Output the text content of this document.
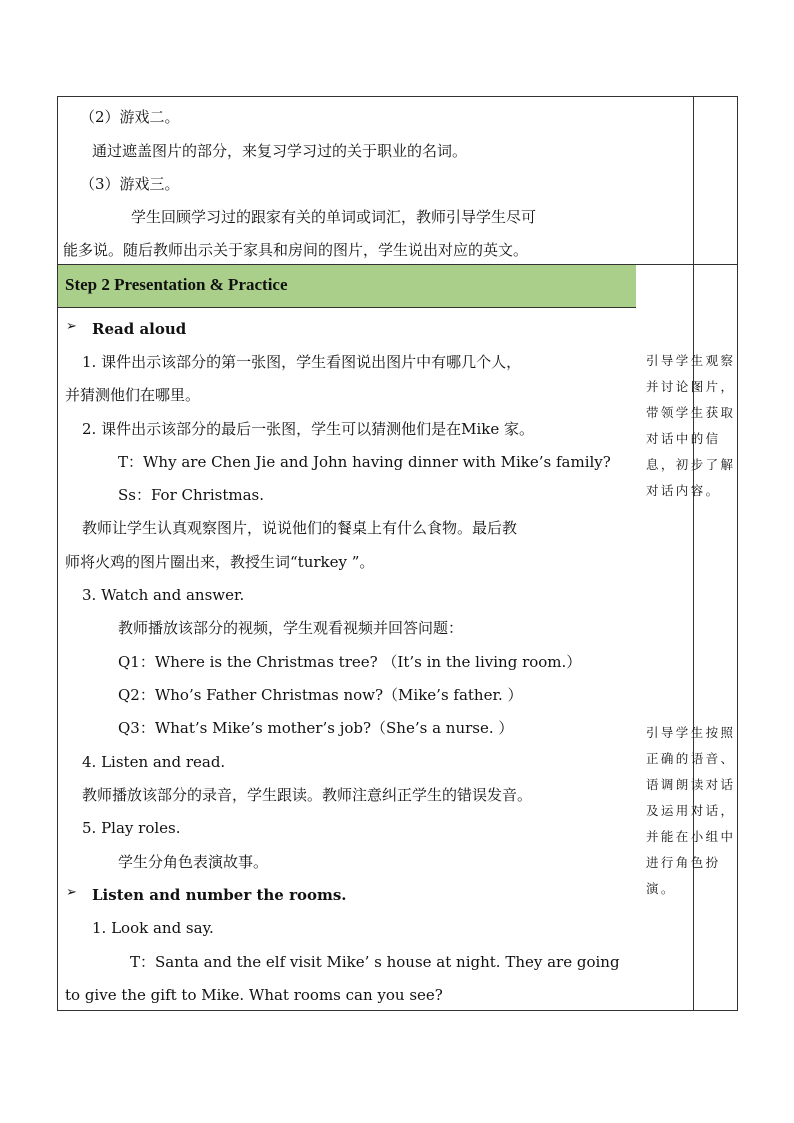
（2）游戏二。
通过遮盖图片的部分，来复习学习过的关于职业的名词。
（3）游戏三。
学生回顾学习过的跟家有关的单词或词汇，教师引导学生尽可
能多说。随后教师出示关于家具和房间的图片，学生说出对应的英文。
Step 2 Presentation & Practice
➢ Read aloud
1. 课件出示该部分的第一张图，学生看图说出图片中有哪几个人，
并猜测他们在哪里。
2. 课件出示该部分的最后一张图，学生可以猜测他们是在Mike 家。
T：Why are Chen Jie and John having dinner with Mike’s family?
Ss：For Christmas.
教师让学生认真观察图片，说说他们的餐桌上有什么食物。最后教
师将火鸡的图片圈出来，教授生词“turkey ”。
3. Watch and answer.
教师播放该部分的视频，学生观看视频并回答问题：
Q1：Where is the Christmas tree? （It’s in the living room.）
Q2：Who’s Father Christmas now?（Mike’s father. ）
Q3：What’s Mike’s mother’s job?（She’s a nurse. ）
4. Listen and read.
教师播放该部分的录音，学生跟读。教师注意纠正学生的错误发音。
5. Play roles.
学生分角色表演故事。
➢ Listen and number the rooms.
1. Look and say.
T：Santa and the elf visit Mike’ s house at night. They are going
to give the gift to Mike. What rooms can you see?
引导学生观察并讨论图片，带领学生获取对话中的信息，初步了解对话内容。
引导学生按照正确的语音、语调朗读对话及运用对话，并能在小组中进行角色扮演。
